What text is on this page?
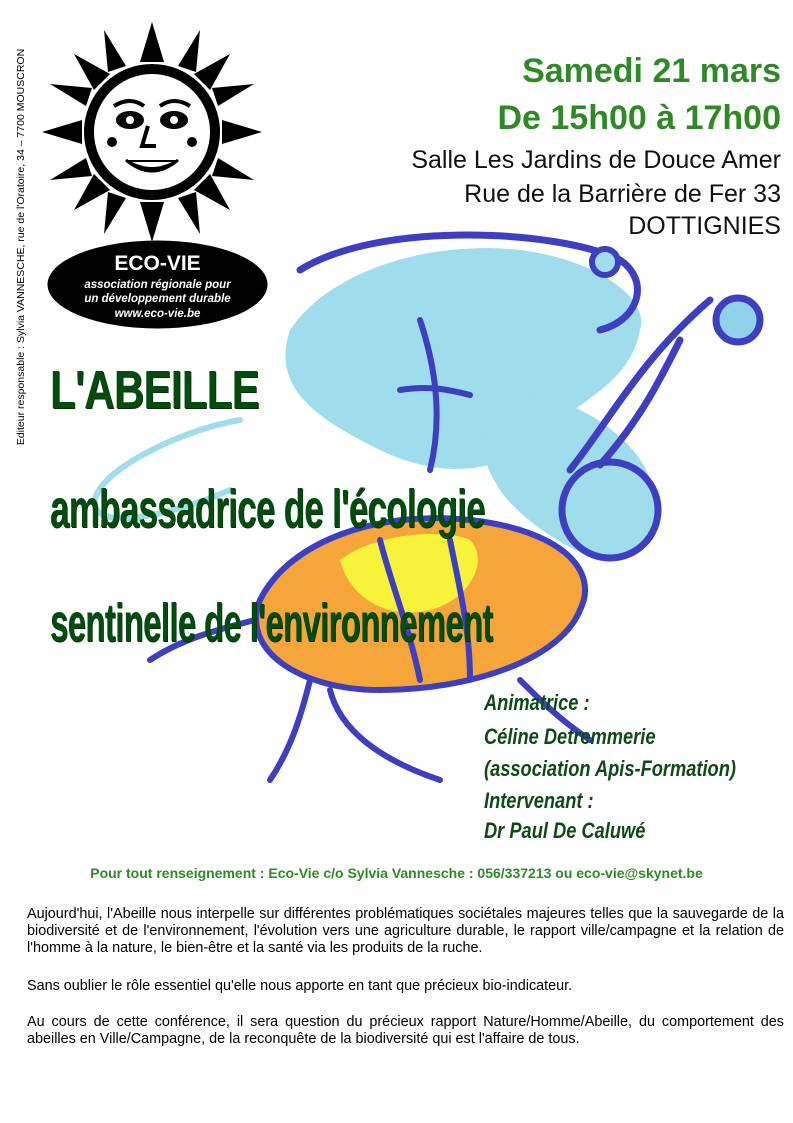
Editeur responsable : Sylvia VANNESCHE, rue de l'Oratoire, 34 – 7700 MOUSCRON	ECO-VIE
association régionale pour
un développement durable
www.eco-vie.be
Samedi 21 mars
De 15h00 à 17h00
Salle Les Jardins de Douce Amer
Rue de la Barrière de Fer 33
DOTTIGNIES
L'ABEILLE
ambassadrice de l'écologie
sentinelle de l'environnement
Animatrice :
Céline Detremmerie
(association Apis-Formation)
Intervenant :
Dr Paul De Caluwé
Pour tout renseignement : Eco-Vie c/o Sylvia Vannesche : 056/337213 ou eco-vie@skynet.be
Aujourd'hui, l'Abeille nous interpelle sur différentes problématiques sociétales majeures telles que la sauvegarde de la biodiversité et de l'environnement, l'évolution vers une agriculture durable, le rapport ville/campagne et la relation de l'homme à la nature, le bien-être et la santé via les produits de la ruche.
Sans oublier le rôle essentiel qu'elle nous apporte en tant que précieux bio-indicateur.
Au cours de cette conférence, il sera question du précieux rapport Nature/Homme/Abeille, du comportement des abeilles en Ville/Campagne, de la reconquête de la biodiversité qui est l'affaire de tous.
